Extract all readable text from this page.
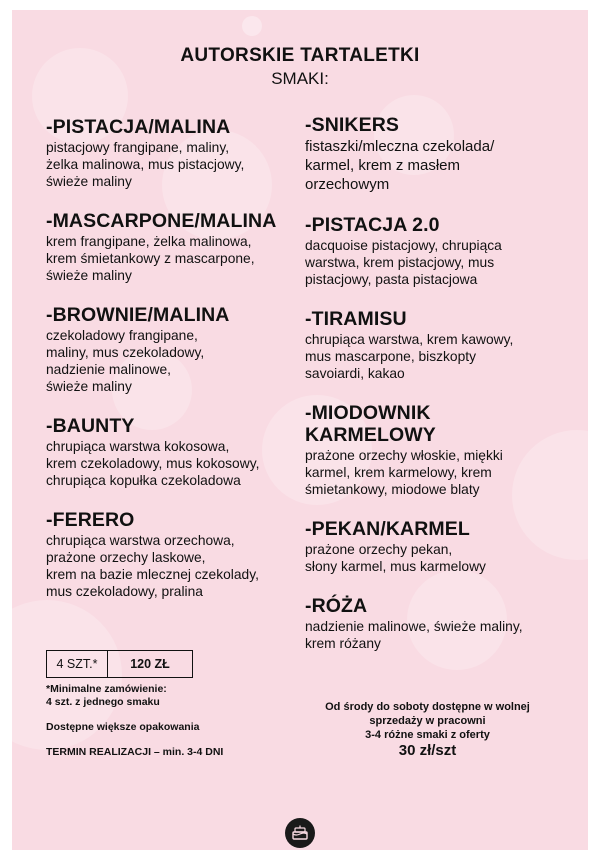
AUTORSKIE TARTALETKI
SMAKI:
-PISTACJA/MALINA

pistacjowy frangipane, maliny,
żelka malinowa, mus pistacjowy,
świeże maliny

-MASCARPONE/MALINA

krem frangipane, żelka malinowa,
krem śmietankowy z mascarpone,
świeże maliny

-BROWNIE/MALINA

czekoladowy frangipane,
maliny, mus czekoladowy,
nadzienie malinowe,
świeże maliny

-BAUNTY

chrupiąca warstwa kokosowa,
krem czekoladowy, mus kokosowy,
chrupiąca kopułka czekoladowa

-FERERO

chrupiąca warstwa orzechowa,
prażone orzechy laskowe,
krem na bazie mlecznej czekolady,
mus czekoladowy, pralina

-SNIKERS

fistaszki/mleczna czekolada/
karmel, krem z masłem
orzechowym

-PISTACJA 2.0

dacquoise pistacjowy, chrupiąca
warstwa, krem pistacjowy, mus
pistacjowy, pasta pistacjowa

-TIRAMISU

chrupiąca warstwa, krem kawowy,
mus mascarpone, biszkopty
savoiardi, kakao

-MIODOWNIK
KARMELOWY

prażone orzechy włoskie, miękki
karmel, krem karmelowy, krem
śmietankowy, miodowe blaty

-PEKAN/KARMEL

prażone orzechy pekan,
słony karmel, mus karmelowy

-RÓŻA

nadzienie malinowe, świeże maliny,
krem różany

4 SZT.*	120 ZŁ
*Minimalne zamówienie:
4 szt. z jednego smaku
Dostępne większe opakowania
TERMIN REALIZACJI – min. 3-4 DNI
Od środy do soboty dostępne w wolnej
sprzedaży w pracowni
3-4 różne smaki z oferty
30 zł/szt
